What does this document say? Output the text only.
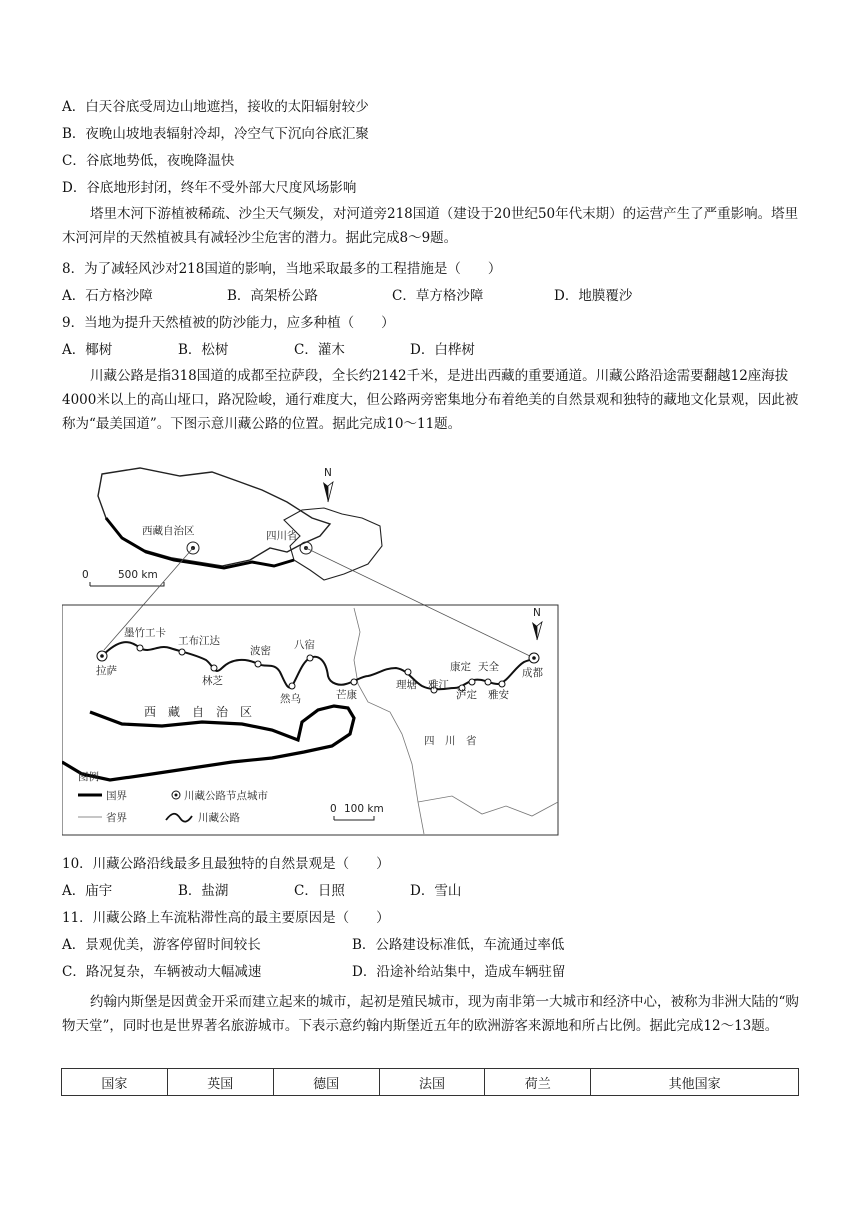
A．白天谷底受周边山地遮挡，接收的太阳辐射较少
B．夜晚山坡地表辐射冷却，冷空气下沉向谷底汇聚
C．谷底地势低，夜晚降温快
D．谷底地形封闭，终年不受外部大尺度风场影响
塔里木河下游植被稀疏、沙尘天气频发，对河道旁218国道（建设于20世纪50年代末期）的运营产生了严重影响。塔里木河河岸的天然植被具有减轻沙尘危害的潜力。据此完成8～9题。
8．为了减轻风沙对218国道的影响，当地采取最多的工程措施是（　　）
A．石方格沙障	B．高架桥公路	C．草方格沙障	D．地膜覆沙
9．当地为提升天然植被的防沙能力，应多种植（　　）
A．椰树	B．松树	C．灌木	D．白桦树
川藏公路是指318国道的成都至拉萨段，全长约2142千米，是进出西藏的重要通道。川藏公路沿途需要翻越12座海拔4000米以上的高山垭口，路况险峻，通行难度大，但公路两旁密集地分布着绝美的自然景观和独特的藏地文化景观，因此被称为“最美国道”。下图示意川藏公路的位置。据此完成10～11题。
西藏自治区	四川省
N
0	500 km
拉萨
墨竹工卡
工布江达
林芝
波密 八宿
然乌	芒康
理塘 雅江
康定
泸定
天全
雅安
成都
西　藏　自　治　区
四　川　省
N
0 100 km
图例
国界	川藏公路节点城市
省界	川藏公路
10．川藏公路沿线最多且最独特的自然景观是（　　）
A．庙宇	B．盐湖	C．日照	D．雪山
11．川藏公路上车流粘滞性高的最主要原因是（　　）
A．景观优美，游客停留时间较长	B．公路建设标准低，车流通过率低
C．路况复杂，车辆被动大幅减速	D．沿途补给站集中，造成车辆驻留
约翰内斯堡是因黄金开采而建立起来的城市，起初是殖民城市，现为南非第一大城市和经济中心，被称为非洲大陆的“购物天堂”，同时也是世界著名旅游城市。下表示意约翰内斯堡近五年的欧洲游客来源地和所占比例。据此完成12～13题。
国家	英国	德国	法国	荷兰	其他国家
